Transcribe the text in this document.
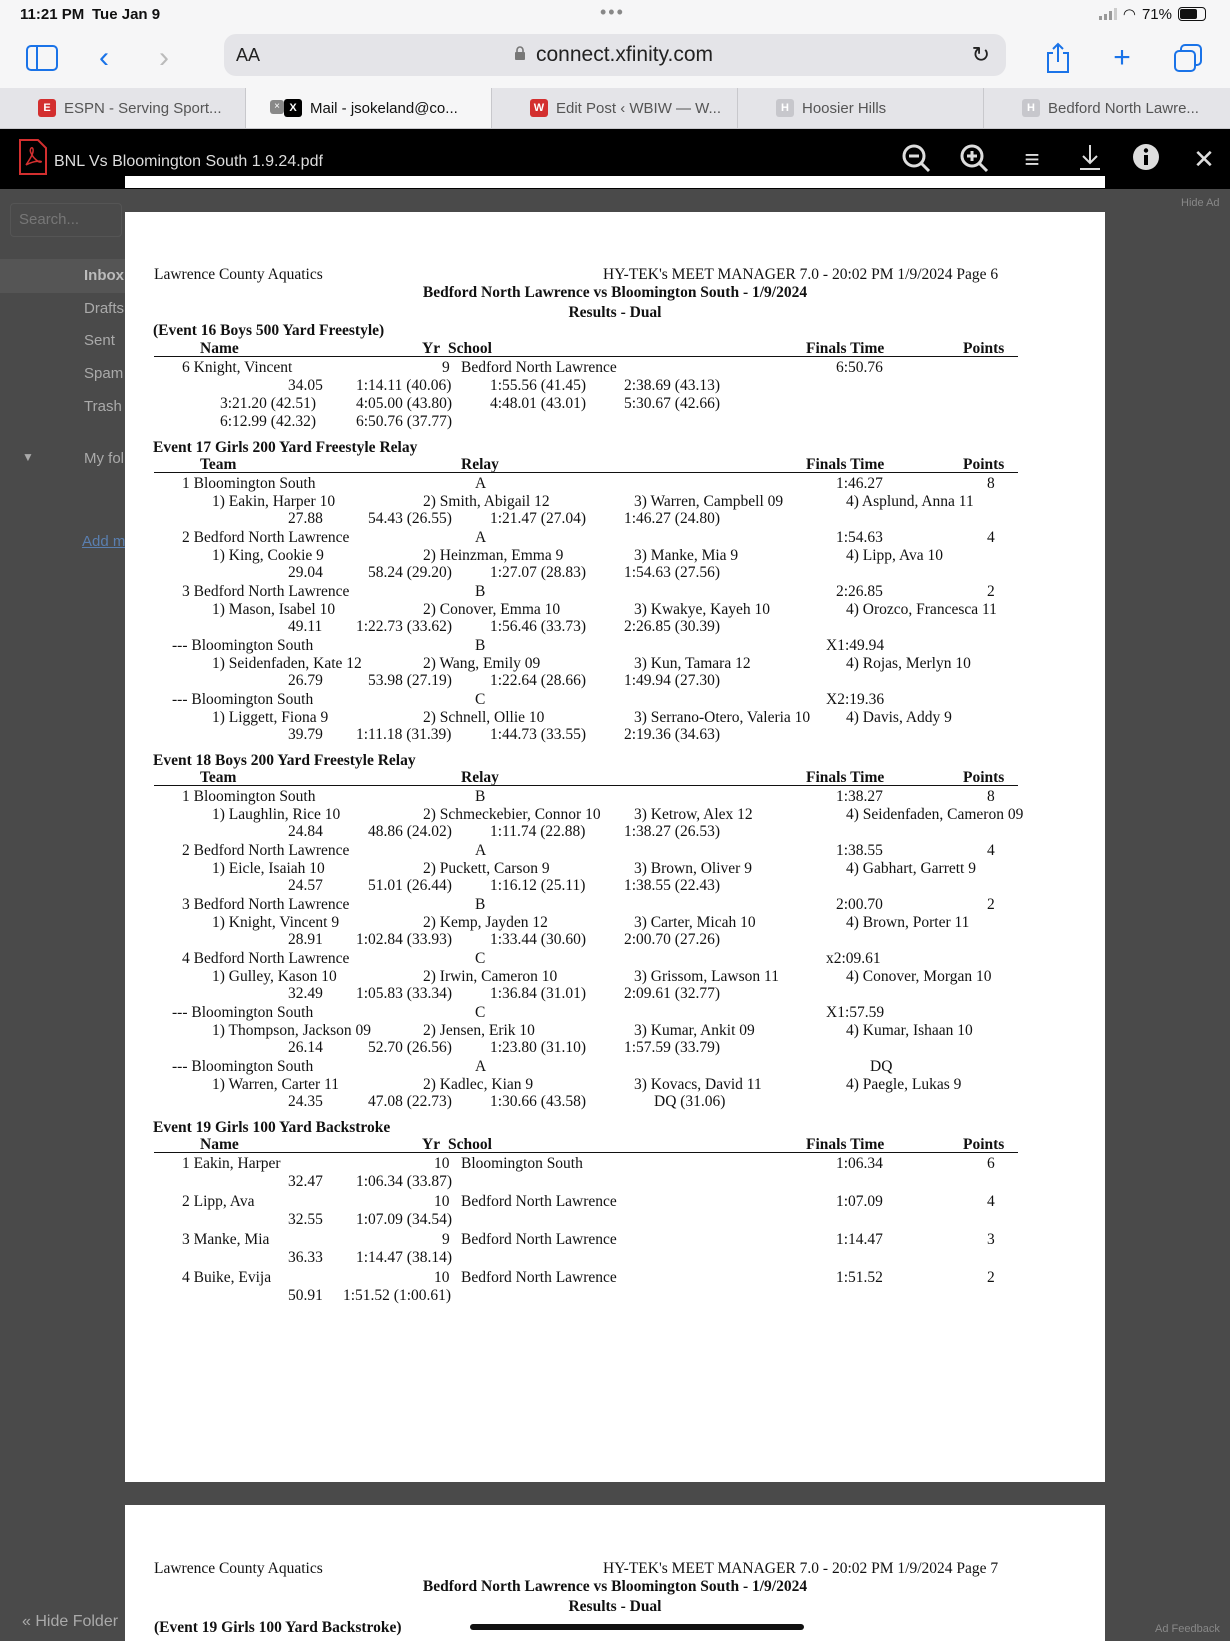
11:21 PM Tue Jan 9	•••	◠ 71%
‹	›	AA	connect.xfinity.com	↻	+
E ESPN - Serving Sport...	× X Mail - jsokeland@co...	W Edit Post ‹ WBIW — W...	H Hoosier Hills	H Bedford North Lawre...
BNL Vs Bloomington South 1.9.24.pdf	≡	✕
Search...
Inbox
Drafts
Sent
Spam
Trash
My fol
▼
Add m
« Hide Folder
Hide Ad
Ad Feedback
Lawrence County Aquatics	HY-TEK's MEET MANAGER 7.0 - 20:02 PM 1/9/2024 Page 6
Bedford North Lawrence vs Bloomington South - 1/9/2024
Results - Dual
(Event 16 Boys 500 Yard Freestyle)
Name	Yr School	Finals Time	Points
6 Knight, Vincent	9 Bedford North Lawrence	6:50.76
34.05 1:14.11 (40.06) 1:55.56 (41.45) 2:38.69 (43.13)
3:21.20 (42.51)	4:05.00 (43.80) 4:48.01 (43.01) 5:30.67 (42.66)
6:12.99 (42.32)	6:50.76 (37.77)
Event 17 Girls 200 Yard Freestyle Relay
Team	Relay	Finals Time	Points
1 Bloomington South	A	1:46.27	8
1) Eakin, Harper 10	2) Smith, Abigail 12	3) Warren, Campbell 09	4) Asplund, Anna 11
27.88	54.43 (26.55) 1:21.47 (27.04) 1:46.27 (24.80)
2 Bedford North Lawrence	A	1:54.63	4
1) King, Cookie 9	2) Heinzman, Emma 9	3) Manke, Mia 9	4) Lipp, Ava 10
29.04	58.24 (29.20) 1:27.07 (28.83) 1:54.63 (27.56)
3 Bedford North Lawrence	B	2:26.85	2
1) Mason, Isabel 10	2) Conover, Emma 10	3) Kwakye, Kayeh 10	4) Orozco, Francesca 11
49.11 1:22.73 (33.62) 1:56.46 (33.73) 2:26.85 (30.39)
--- Bloomington South	B	X1:49.94
1) Seidenfaden, Kate 12	2) Wang, Emily 09	3) Kun, Tamara 12	4) Rojas, Merlyn 10
26.79	53.98 (27.19) 1:22.64 (28.66) 1:49.94 (27.30)
--- Bloomington South	C	X2:19.36
1) Liggett, Fiona 9	2) Schnell, Ollie 10	3) Serrano-Otero, Valeria 10 4) Davis, Addy 9
39.79 1:11.18 (31.39) 1:44.73 (33.55) 2:19.36 (34.63)
Event 18 Boys 200 Yard Freestyle Relay
Team	Relay	Finals Time	Points
1 Bloomington South	B	1:38.27	8
1) Laughlin, Rice 10	2) Schmeckebier, Connor 10 3) Ketrow, Alex 12	4) Seidenfaden, Cameron 09
24.84	48.86 (24.02) 1:11.74 (22.88) 1:38.27 (26.53)
2 Bedford North Lawrence	A	1:38.55	4
1) Eicle, Isaiah 10	2) Puckett, Carson 9	3) Brown, Oliver 9	4) Gabhart, Garrett 9
24.57	51.01 (26.44) 1:16.12 (25.11) 1:38.55 (22.43)
3 Bedford North Lawrence	B	2:00.70	2
1) Knight, Vincent 9	2) Kemp, Jayden 12	3) Carter, Micah 10	4) Brown, Porter 11
28.91 1:02.84 (33.93) 1:33.44 (30.60) 2:00.70 (27.26)
4 Bedford North Lawrence	C	x2:09.61
1) Gulley, Kason 10	2) Irwin, Cameron 10	3) Grissom, Lawson 11	4) Conover, Morgan 10
32.49 1:05.83 (33.34) 1:36.84 (31.01) 2:09.61 (32.77)
--- Bloomington South	C	X1:57.59
1) Thompson, Jackson 09	2) Jensen, Erik 10	3) Kumar, Ankit 09	4) Kumar, Ishaan 10
26.14	52.70 (26.56) 1:23.80 (31.10) 1:57.59 (33.79)
--- Bloomington South	A	DQ
1) Warren, Carter 11	2) Kadlec, Kian 9	3) Kovacs, David 11	4) Paegle, Lukas 9
24.35	47.08 (22.73) 1:30.66 (43.58)	DQ (31.06)
Event 19 Girls 100 Yard Backstroke
Name	Yr School	Finals Time	Points
1 Eakin, Harper	10 Bloomington South	1:06.34	6
32.47 1:06.34 (33.87)
2 Lipp, Ava	10 Bedford North Lawrence	1:07.09	4
32.55 1:07.09 (34.54)
3 Manke, Mia	9 Bedford North Lawrence	1:14.47	3
36.33 1:14.47 (38.14)
4 Buike, Evija	10 Bedford North Lawrence	1:51.52	2
50.91 1:51.52 (1:00.61)
Lawrence County Aquatics	HY-TEK's MEET MANAGER 7.0 - 20:02 PM 1/9/2024 Page 7
Bedford North Lawrence vs Bloomington South - 1/9/2024
Results - Dual
(Event 19 Girls 100 Yard Backstroke)
